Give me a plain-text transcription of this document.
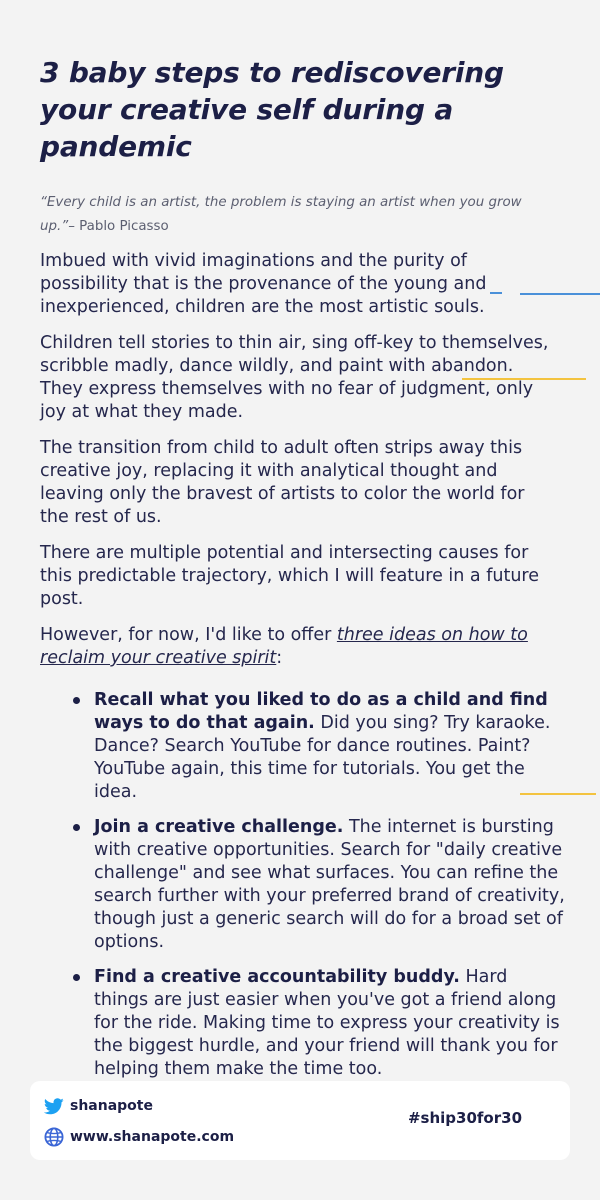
3 baby steps to rediscovering your creative self during a pandemic

“Every child is an artist, the problem is staying an artist when you grow up.”– Pablo Picasso

Imbued with vivid imaginations and the purity of possibility that is the provenance of the young and inexperienced, children are the most artistic souls.

Children tell stories to thin air, sing off-key to themselves, scribble madly, dance wildly, and paint with abandon. They express themselves with no fear of judgment, only joy at what they made.

The transition from child to adult often strips away this creative joy, replacing it with analytical thought and leaving only the bravest of artists to color the world for the rest of us.

There are multiple potential and intersecting causes for this predictable trajectory, which I will feature in a future post.

However, for now, I'd like to offer three ideas on how to reclaim your creative spirit:

Recall what you liked to do as a child and find ways to do that again. Did you sing? Try karaoke. Dance? Search YouTube for dance routines. Paint? YouTube again, this time for tutorials. You get the idea.
Join a creative challenge. The internet is bursting with creative opportunities. Search for "daily creative challenge" and see what surfaces. You can refine the search further with your preferred brand of creativity, though just a generic search will do for a broad set of options.
Find a creative accountability buddy. Hard things are just easier when you've got a friend along for the ride. Making time to express your creativity is the biggest hurdle, and your friend will thank you for helping them make the time too.
shanapote
www.shanapote.com
#ship30for30
